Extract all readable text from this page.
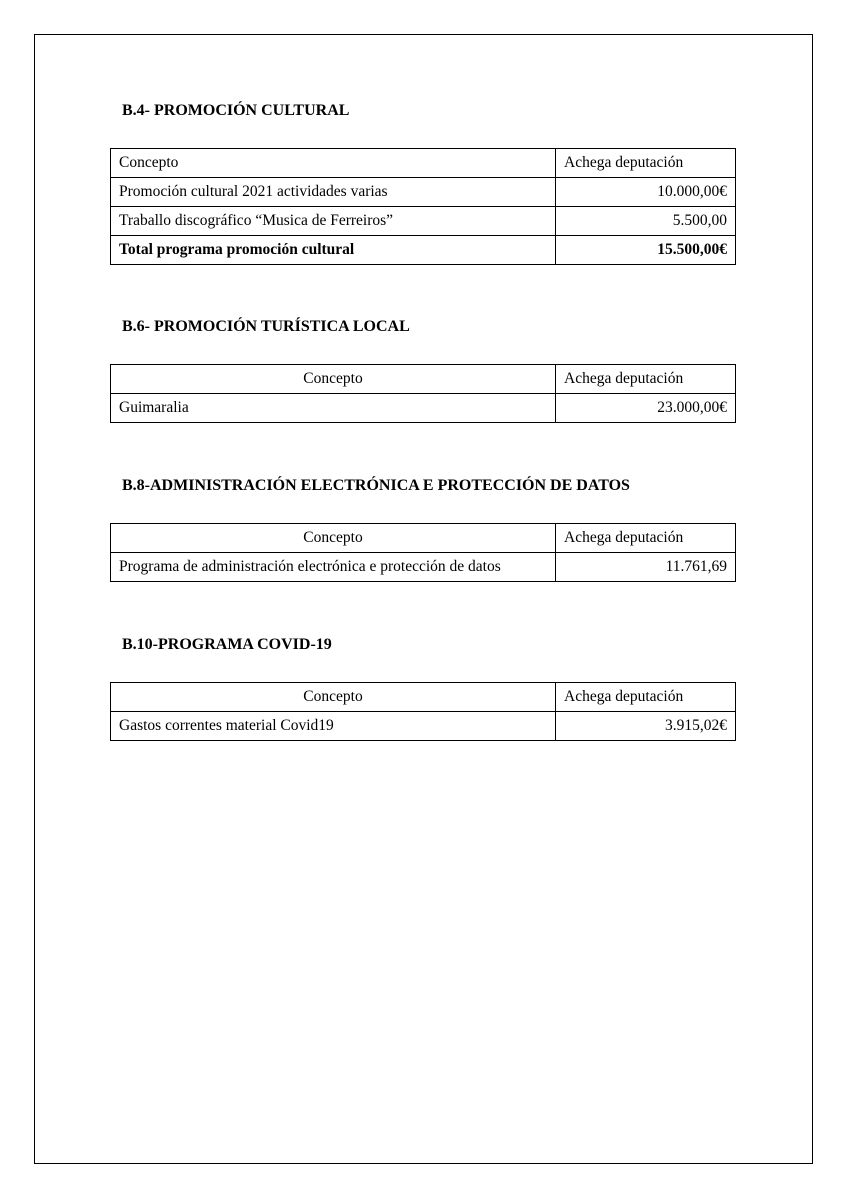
B.4- PROMOCIÓN CULTURAL
Concepto	Achega deputación
Promoción cultural 2021 actividades varias	10.000,00€
Traballo discográfico “Musica de Ferreiros”	5.500,00
Total programa promoción cultural	15.500,00€
B.6- PROMOCIÓN TURÍSTICA LOCAL
Concepto	Achega deputación
Guimaralia	23.000,00€
B.8-ADMINISTRACIÓN ELECTRÓNICA E PROTECCIÓN DE DATOS
Concepto	Achega deputación
Programa de administración electrónica e protección de datos	11.761,69
B.10-PROGRAMA COVID-19
Concepto	Achega deputación
Gastos correntes material Covid19	3.915,02€
